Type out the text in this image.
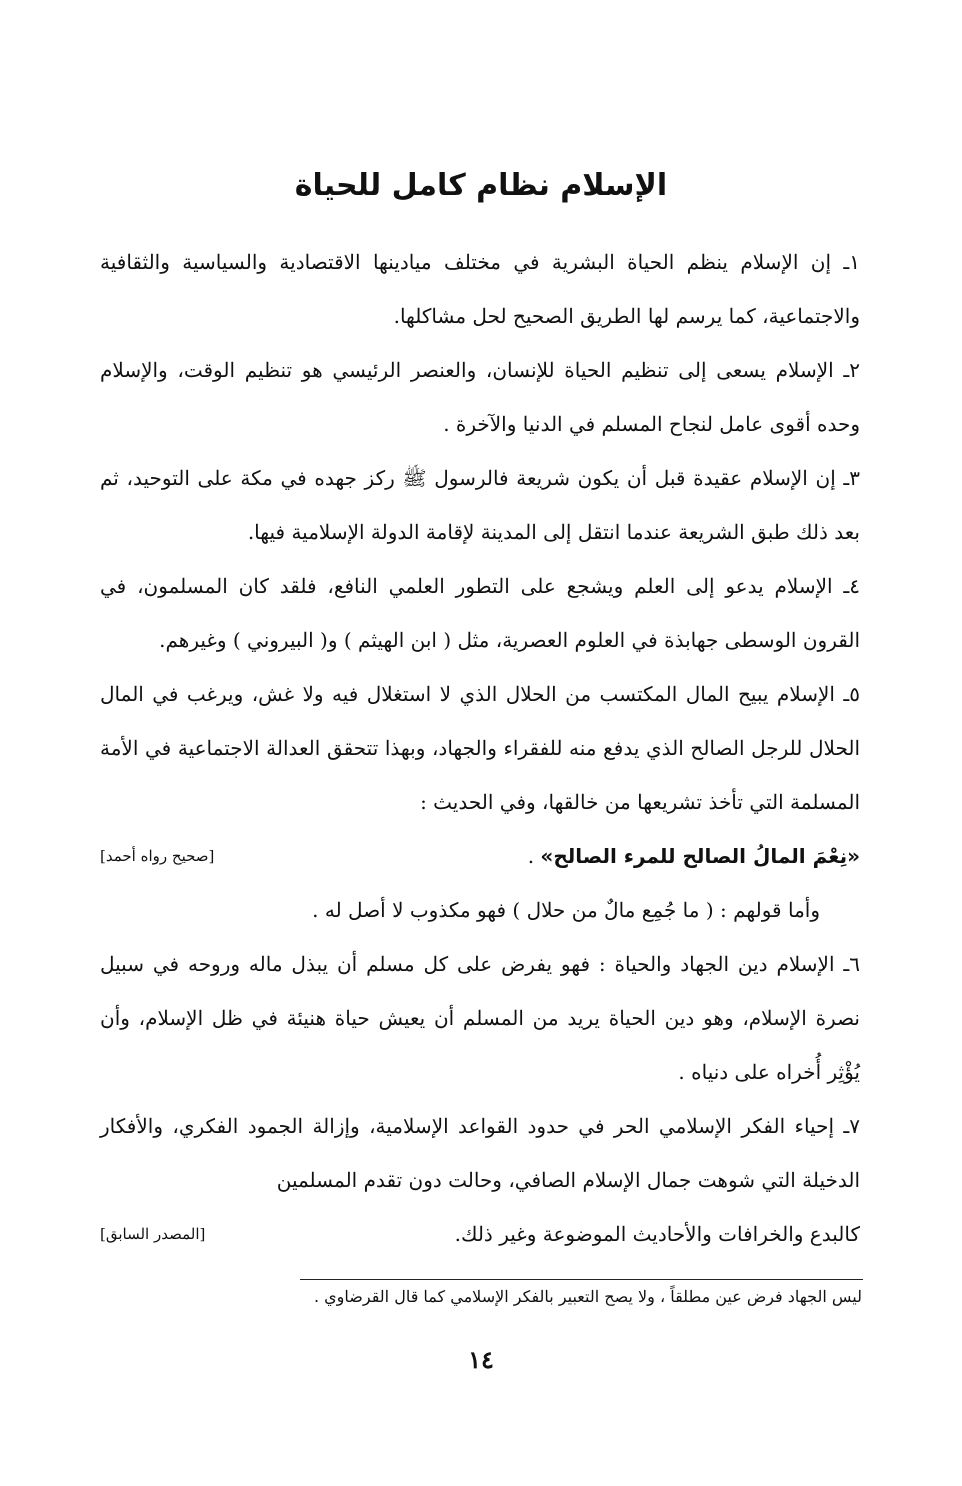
الإسلام نظام كامل للحياة

١ـ إن الإسلام ينظم الحياة البشرية في مختلف ميادينها الاقتصادية والسياسية والثقافية والاجتماعية، كما يرسم لها الطريق الصحيح لحل مشاكلها.

٢ـ الإسلام يسعى إلى تنظيم الحياة للإنسان، والعنصر الرئيسي هو تنظيم الوقت، والإسلام وحده أقوى عامل لنجاح المسلم في الدنيا والآخرة .

٣ـ إن الإسلام عقيدة قبل أن يكون شريعة فالرسول ﷺ ركز جهده في مكة على التوحيد، ثم بعد ذلك طبق الشريعة عندما انتقل إلى المدينة لإقامة الدولة الإسلامية فيها.

٤ـ الإسلام يدعو إلى العلم ويشجع على التطور العلمي النافع، فلقد كان المسلمون، في القرون الوسطى جهابذة في العلوم العصرية، مثل ( ابن الهيثم ) و( البيروني ) وغيرهم.

٥ـ الإسلام يبيح المال المكتسب من الحلال الذي لا استغلال فيه ولا غش، ويرغب في المال الحلال للرجل الصالح الذي يدفع منه للفقراء والجهاد، وبهذا تتحقق العدالة الاجتماعية في الأمة المسلمة التي تأخذ تشريعها من خالقها، وفي الحديث :

«نِعْمَ المالُ الصالح للمرء الصالح» .
[صحيح رواه أحمد]

وأما قولهم : ( ما جُمِع مالٌ من حلال ) فهو مكذوب لا أصل له .

٦ـ الإسلام دين الجهاد والحياة : فهو يفرض على كل مسلم أن يبذل ماله وروحه في سبيل نصرة الإسلام، وهو دين الحياة يريد من المسلم أن يعيش حياة هنيئة في ظل الإسلام، وأن يُؤْثِر أُخراه على دنياه .

٧ـ إحياء الفكر الإسلامي الحر في حدود القواعد الإسلامية، وإزالة الجمود الفكري، والأفكار الدخيلة التي شوهت جمال الإسلام الصافي، وحالت دون تقدم المسلمين

كالبدع والخرافات والأحاديث الموضوعة وغير ذلك.
[المصدر السابق]
ليس الجهاد فرض عين مطلقاً ، ولا يصح التعبير بالفكر الإسلامي كما قال القرضاوي .
١٤
